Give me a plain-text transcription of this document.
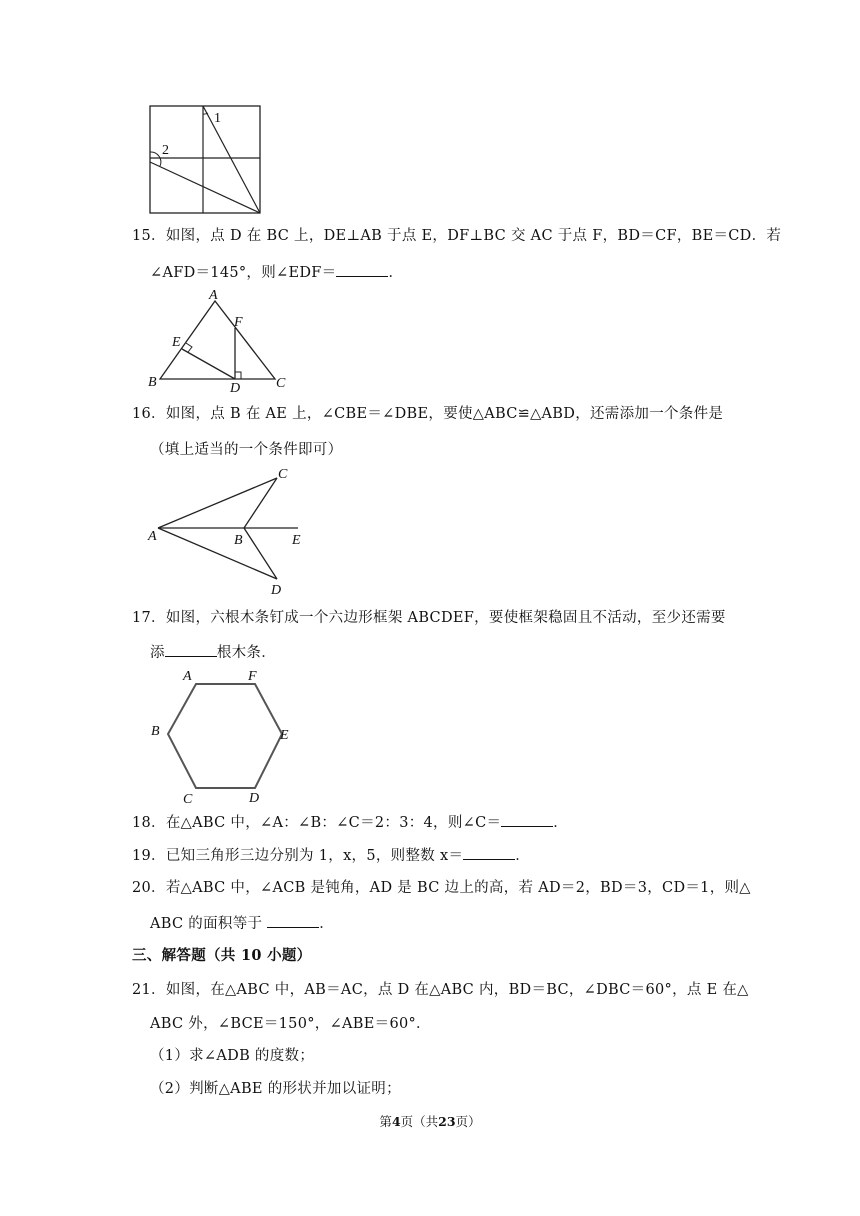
1
2
15．如图，点 D 在 BC 上，DE⊥AB 于点 E，DF⊥BC 交 AC 于点 F，BD＝CF，BE＝CD．若
∠AFD＝145°，则∠EDF＝	．
A
B	C
D
E
F
16．如图，点 B 在 AE 上，∠CBE＝∠DBE，要使△ABC≌△ABD，还需添加一个条件是
（填上适当的一个条件即可）
C
A	B	E
D
17．如图，六根木条钉成一个六边形框架 ABCDEF，要使框架稳固且不活动，至少还需要
添	根木条．
A	F
B	E
C	D
18．在△ABC 中，∠A：∠B：∠C＝2：3：4，则∠C＝	．
19．已知三角形三边分别为 1，x，5，则整数 x＝	．
20．若△ABC 中，∠ACB 是钝角，AD 是 BC 边上的高，若 AD＝2，BD＝3，CD＝1，则△
ABC 的面积等于	．
三、解答题（共 10 小题）
21．如图，在△ABC 中，AB＝AC，点 D 在△ABC 内，BD＝BC，∠DBC＝60°，点 E 在△
ABC 外，∠BCE＝150°，∠ABE＝60°．
（1）求∠ADB 的度数；
（2）判断△ABE 的形状并加以证明；
第4页（共23页）
